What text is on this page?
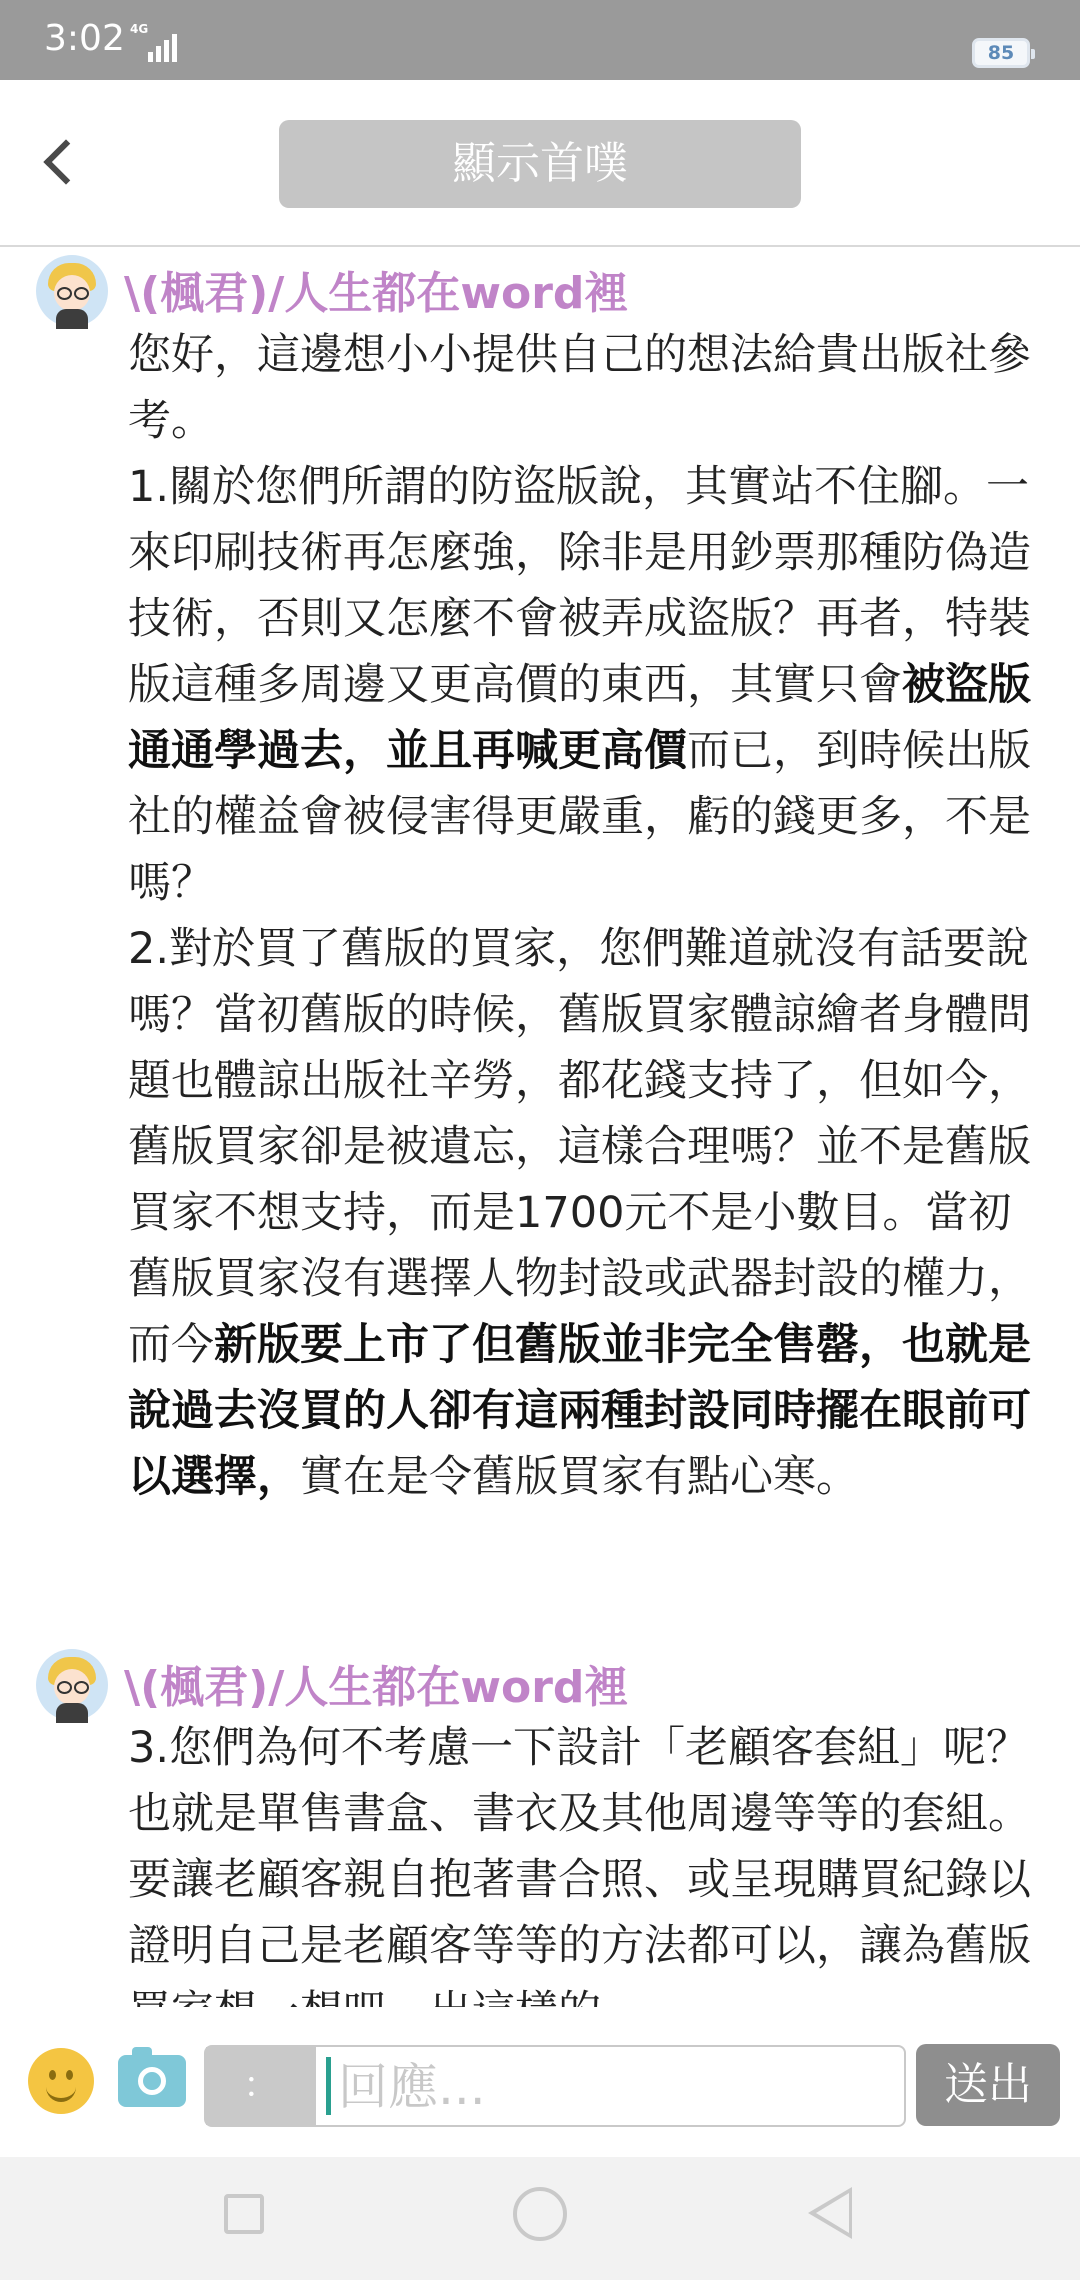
3:02 4G
85
顯示首噗
\(楓君)/人生都在word裡

您好，這邊想小小提供自己的想法給貴出版社參考。

1.關於您們所謂的防盜版說，其實站不住腳。一來印刷技術再怎麼強，除非是用鈔票那種防偽造技術，否則又怎麼不會被弄成盜版？再者，特裝版這種多周邊又更高價的東西，其實只會被盜版通通學過去，並且再喊更高價而已，到時候出版社的權益會被侵害得更嚴重，虧的錢更多，不是嗎？

2.對於買了舊版的買家，您們難道就沒有話要說嗎？當初舊版的時候，舊版買家體諒繪者身體問題也體諒出版社辛勞，都花錢支持了，但如今，舊版買家卻是被遺忘，這樣合理嗎？並不是舊版買家不想支持，而是1700元不是小數目。當初舊版買家沒有選擇人物封設或武器封設的權力，而今新版要上市了但舊版並非完全售罄，也就是說過去沒買的人卻有這兩種封設同時擺在眼前可以選擇，實在是令舊版買家有點心寒。

\(楓君)/人生都在word裡

3.您們為何不考慮一下設計「老顧客套組」呢？也就是單售書盒、書衣及其他周邊等等的套組。要讓老顧客親自抱著書合照、或呈現購買紀錄以證明自己是老顧客等等的方法都可以，讓為舊版

：
回應...	送出
